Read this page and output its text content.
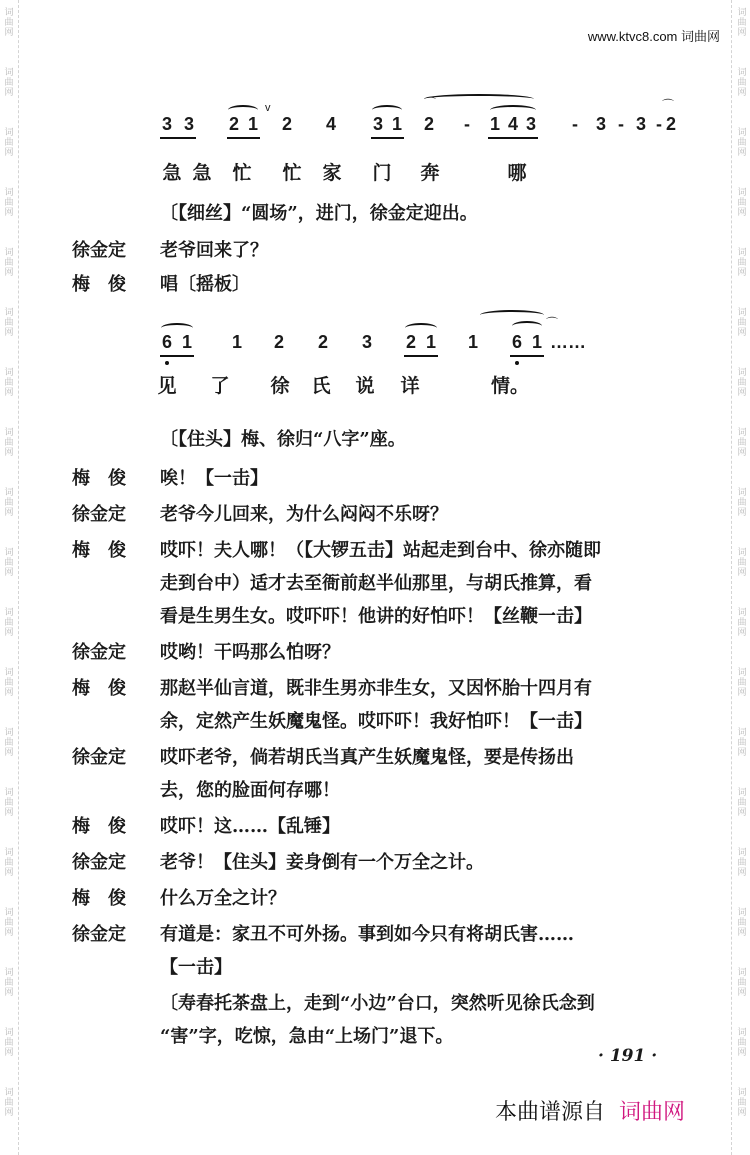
词
曲
网
词
曲
网
词
曲
网
词
曲
网
词
曲
网
词
曲
网
词
曲
网
词
曲
网
词
曲
网
词
曲
网
词
曲
网
词
曲
网
词
曲
网
词
曲
网
词
曲
网
词
曲
网
词
曲
网
词
曲
网
词
曲
网
词
曲
网
词
曲
网
词
曲
网
词
曲
网
词
曲
网
词
曲
网
词
曲
网
词
曲
网
词
曲
网
词
曲
网
词
曲
网
词
曲
网
词
曲
网
词
曲
网
词
曲
网
词
曲
网
词
曲
网
词
曲
网
词
曲
网
www.ktvc8.com 词曲网
3 3 2 1 2 4 3 1 2 - 1 4 3 - 3 - 3 - 2
v	⌒	⌒
急 急 忙 忙 家 门 奔	哪
〔【细丝】“圆场”，进门，徐金定迎出。
徐金定	老爷回来了？
梅　俊	唱〔摇板〕
6 1 1 2 2 3 2 1 1 6 1 ……
⌒
见 了 徐 氏 说 详	情。
〔【住头】梅、徐归“八字”座。
梅　俊	唉！【一击】
徐金定	老爷今儿回来，为什么闷闷不乐呀？
梅　俊	哎吓！夫人哪！（【大锣五击】站起走到台中、徐亦随即
走到台中）适才去至衙前赵半仙那里，与胡氏推算，看
看是生男生女。哎吓吓！他讲的好怕吓！【丝鞭一击】
徐金定	哎哟！干吗那么怕呀？
梅　俊	那赵半仙言道，既非生男亦非生女，又因怀胎十四月有
余，定然产生妖魔鬼怪。哎吓吓！我好怕吓！【一击】
徐金定	哎吓老爷，倘若胡氏当真产生妖魔鬼怪，要是传扬出
去，您的脸面何存哪！
梅　俊	哎吓！这……【乱锤】
徐金定	老爷！【住头】妾身倒有一个万全之计。
梅　俊	什么万全之计？
徐金定	有道是：家丑不可外扬。事到如今只有将胡氏害……
【一击】
〔寿春托茶盘上，走到“小边”台口，突然听见徐氏念到
“害”字，吃惊，急由“上场门”退下。
· 191 ·
本曲谱源自 词曲网
